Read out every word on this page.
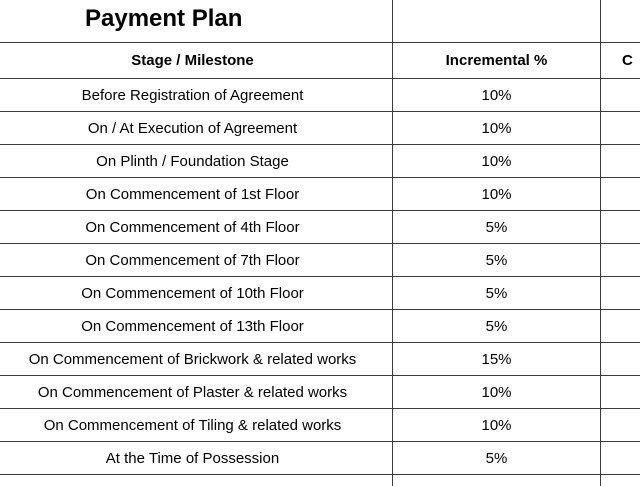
Payment Plan		
Stage / Milestone	Incremental %	C
Before Registration of Agreement	10%	
On / At Execution of Agreement	10%	
On Plinth / Foundation Stage	10%	
On Commencement of 1st Floor	10%	
On Commencement of 4th Floor	5%	
On Commencement of 7th Floor	5%	
On Commencement of 10th Floor	5%	
On Commencement of 13th Floor	5%	
On Commencement of Brickwork & related works	15%	
On Commencement of Plaster & related works	10%	
On Commencement of Tiling & related works	10%	
At the Time of Possession	5%	
